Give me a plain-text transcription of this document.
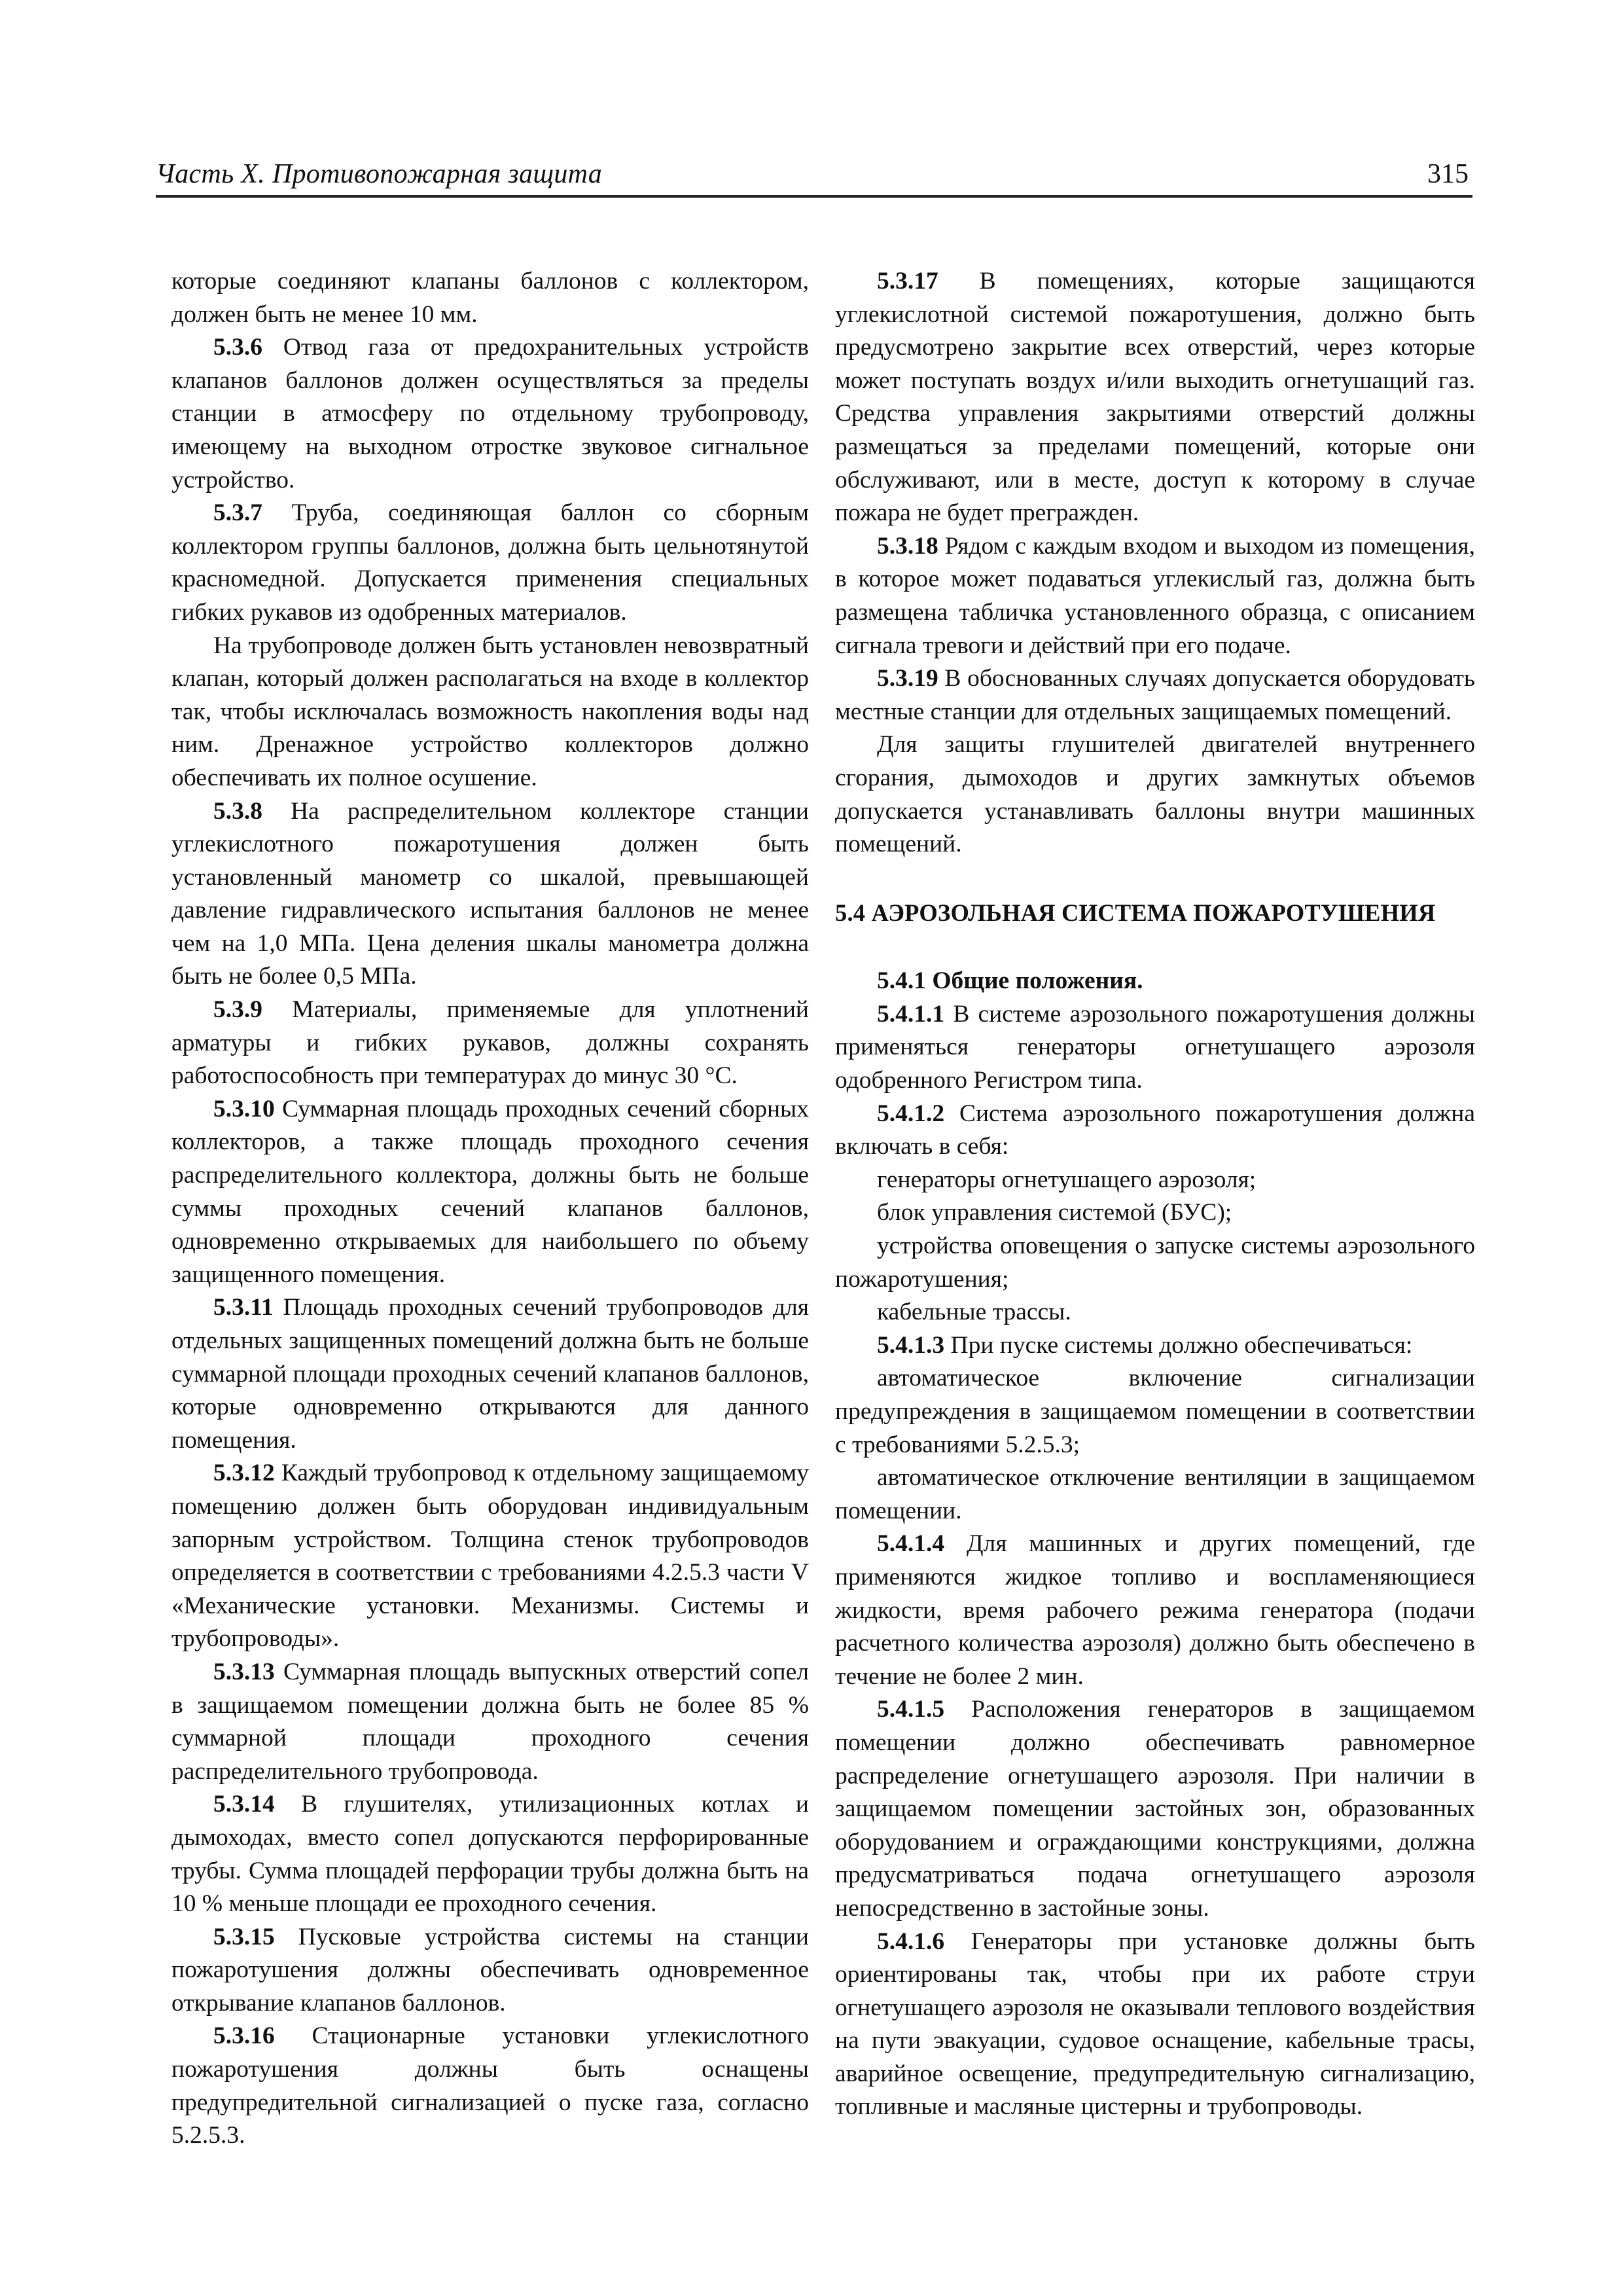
Часть X. Противопожарная защита	315

которые соединяют клапаны баллонов с коллектором, должен быть не менее 10 мм.

5.3.6 Отвод газа от предохранительных устройств клапанов баллонов должен осуществляться за пределы станции в атмосферу по отдельному трубопроводу, имеющему на выходном отростке звуковое сигнальное устройство.

5.3.7 Труба, соединяющая баллон со сборным коллектором группы баллонов, должна быть цельнотянутой красномедной. Допускается применения специальных гибких рукавов из одобренных материалов.

На трубопроводе должен быть установлен невозвратный клапан, который должен располагаться на входе в коллектор так, чтобы исключалась возможность накопления воды над ним. Дренажное устройство коллекторов должно обеспечивать их полное осушение.

5.3.8 На распределительном коллекторе станции углекислотного пожаротушения должен быть установленный манометр со шкалой, превышающей давление гидравлического испытания баллонов не менее чем на 1,0 МПа. Цена деления шкалы манометра должна быть не более 0,5 МПа.

5.3.9 Материалы, применяемые для уплотнений арматуры и гибких рукавов, должны сохранять работоспособность при температурах до минус 30 °С.

5.3.10 Суммарная площадь проходных сечений сборных коллекторов, а также площадь проходного сечения распределительного коллектора, должны быть не больше суммы проходных сечений клапанов баллонов, одновременно открываемых для наибольшего по объему защищенного помещения.

5.3.11 Площадь проходных сечений трубопроводов для отдельных защищенных помещений должна быть не больше суммарной площади проходных сечений клапанов баллонов, которые одновременно открываются для данного помещения.

5.3.12 Каждый трубопровод к отдельному защищаемому помещению должен быть оборудован индивидуальным запорным устройством. Толщина стенок трубопроводов определяется в соответствии с требованиями 4.2.5.3 части V «Механические установки. Механизмы. Системы и трубопроводы».

5.3.13 Суммарная площадь выпускных отверстий сопел в защищаемом помещении должна быть не более 85 % суммарной площади проходного сечения распределительного трубопровода.

5.3.14 В глушителях, утилизационных котлах и дымоходах, вместо сопел допускаются перфорированные трубы. Сумма площадей перфорации трубы должна быть на 10 % меньше площади ее проходного сечения.

5.3.15 Пусковые устройства системы на станции пожаротушения должны обеспечивать одновременное открывание клапанов баллонов.

5.3.16 Стационарные установки углекислотного пожаротушения должны быть оснащены предупредительной сигнализацией о пуске газа, согласно 5.2.5.3.

5.3.17 В помещениях, которые защищаются углекислотной системой пожаротушения, должно быть предусмотрено закрытие всех отверстий, через которые может поступать воздух и/или выходить огнетушащий газ. Средства управления закрытиями отверстий должны размещаться за пределами помещений, которые они обслуживают, или в месте, доступ к которому в случае пожара не будет прегражден.

5.3.18 Рядом с каждым входом и выходом из помещения, в которое может подаваться углекислый газ, должна быть размещена табличка установленного образца, с описанием сигнала тревоги и действий при его подаче.

5.3.19 В обоснованных случаях допускается оборудовать местные станции для отдельных защищаемых помещений.

Для защиты глушителей двигателей внутреннего сгорания, дымоходов и других замкнутых объемов допускается устанавливать баллоны внутри машинных помещений.

5.4 АЭРОЗОЛЬНАЯ СИСТЕМА ПОЖАРОТУШЕНИЯ

5.4.1 Общие положения.

5.4.1.1 В системе аэрозольного пожаротушения должны применяться генераторы огнетушащего аэрозоля одобренного Регистром типа.

5.4.1.2 Система аэрозольного пожаротушения должна включать в себя:

генераторы огнетушащего аэрозоля;

блок управления системой (БУС);

устройства оповещения о запуске системы аэрозольного пожаротушения;

кабельные трассы.

5.4.1.3 При пуске системы должно обеспечиваться:

автоматическое включение сигнализации предупреждения в защищаемом помещении в соответствии с требованиями 5.2.5.3;

автоматическое отключение вентиляции в защищаемом помещении.

5.4.1.4 Для машинных и других помещений, где применяются жидкое топливо и воспламеняющиеся жидкости, время рабочего режима генератора (подачи расчетного количества аэрозоля) должно быть обеспечено в течение не более 2 мин.

5.4.1.5 Расположения генераторов в защищаемом помещении должно обеспечивать равномерное распределение огнетушащего аэрозоля. При наличии в защищаемом помещении застойных зон, образованных оборудованием и ограждающими конструкциями, должна предусматриваться подача огнетушащего аэрозоля непосредственно в застойные зоны.

5.4.1.6 Генераторы при установке должны быть ориентированы так, чтобы при их работе струи огнетушащего аэрозоля не оказывали теплового воздействия на пути эвакуации, судовое оснащение, кабельные трасы, аварийное освещение, предупредительную сигнализацию, топливные и масляные цистерны и трубопроводы.
